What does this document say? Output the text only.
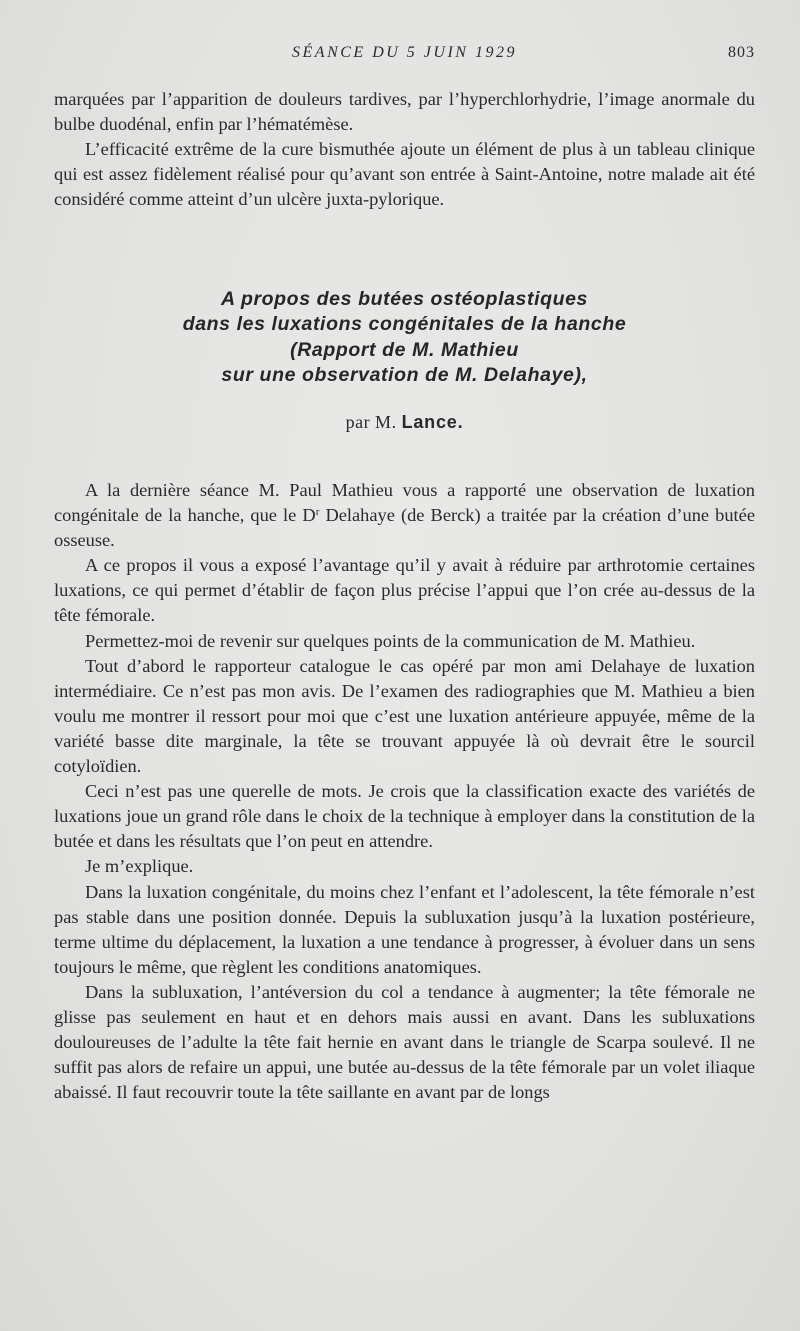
SÉANCE DU 5 JUIN 1929	803

marquées par l’apparition de douleurs tardives, par l’hyperchlorhydrie, l’image anormale du bulbe duodénal, enfin par l’hématémèse.

L’efficacité extrême de la cure bismuthée ajoute un élément de plus à un tableau clinique qui est assez fidèlement réalisé pour qu’avant son entrée à Saint-Antoine, notre malade ait été considéré comme atteint d’un ulcère juxta-pylorique.

A propos des butées ostéoplastiques
dans les luxations congénitales de la hanche
(Rapport de M. Mathieu
sur une observation de M. Delahaye),
par M. Lance.

A la dernière séance M. Paul Mathieu vous a rapporté une observation de luxation congénitale de la hanche, que le $D^r$ Delahaye (de Berck) a traitée par la création d’une butée osseuse.

A ce propos il vous a exposé l’avantage qu’il y avait à réduire par arthrotomie certaines luxations, ce qui permet d’établir de façon plus précise l’appui que l’on crée au-dessus de la tête fémorale.

Permettez-moi de revenir sur quelques points de la communication de M. Mathieu.

Tout d’abord le rapporteur catalogue le cas opéré par mon ami Delahaye de luxation intermédiaire. Ce n’est pas mon avis. De l’examen des radiographies que M. Mathieu a bien voulu me montrer il ressort pour moi que c’est une luxation antérieure appuyée, même de la variété basse dite marginale, la tête se trouvant appuyée là où devrait être le sourcil cotyloïdien.

Ceci n’est pas une querelle de mots. Je crois que la classification exacte des variétés de luxations joue un grand rôle dans le choix de la technique à employer dans la constitution de la butée et dans les résultats que l’on peut en attendre.

Je m’explique.

Dans la luxation congénitale, du moins chez l’enfant et l’adolescent, la tête fémorale n’est pas stable dans une position donnée. Depuis la subluxation jusqu’à la luxation postérieure, terme ultime du déplacement, la luxation a une tendance à progresser, à évoluer dans un sens toujours le même, que règlent les conditions anatomiques.

Dans la subluxation, l’antéversion du col a tendance à augmenter; la tête fémorale ne glisse pas seulement en haut et en dehors mais aussi en avant. Dans les subluxations douloureuses de l’adulte la tête fait hernie en avant dans le triangle de Scarpa soulevé. Il ne suffit pas alors de refaire un appui, une butée au-dessus de la tête fémorale par un volet iliaque abaissé. Il faut recouvrir toute la tête saillante en avant par de longs
